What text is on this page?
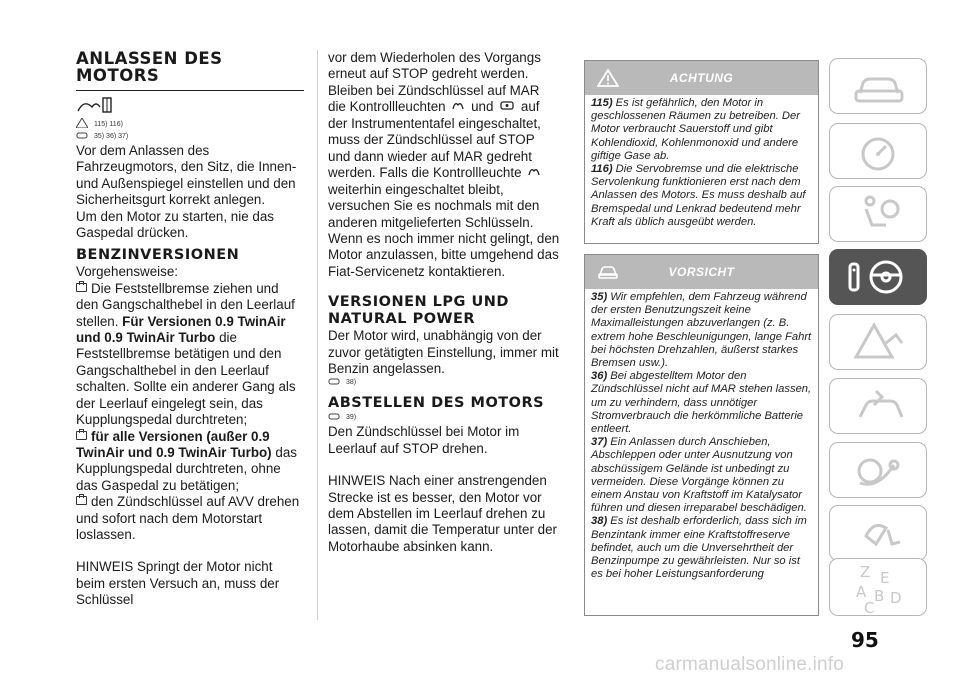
ANLASSEN DES MOTORS
115) 116)
35) 36) 37)

Vor dem Anlassen des Fahrzeugmotors, den Sitz, die Innen- und Außenspiegel einstellen und den Sicherheitsgurt korrekt anlegen.

Um den Motor zu starten, nie das Gaspedal drücken.

BENZINVERSIONEN

Vorgehensweise:

Die Feststellbremse ziehen und den Gangschalthebel in den Leerlauf stellen. Für Versionen 0.9 TwinAir und 0.9 TwinAir Turbo die Feststellbremse betätigen und den Gangschalthebel in den Leerlauf schalten. Sollte ein anderer Gang als der Leerlauf eingelegt sein, das Kupplungspedal durchtreten;

für alle Versionen (außer 0.9 TwinAir und 0.9 TwinAir Turbo) das Kupplungspedal durchtreten, ohne das Gaspedal zu betätigen;

den Zündschlüssel auf AVV drehen und sofort nach dem Motorstart loslassen.

HINWEIS Springt der Motor nicht beim ersten Versuch an, muss der Schlüssel

vor dem Wiederholen des Vorgangs erneut auf STOP gedreht werden. Bleiben bei Zündschlüssel auf MAR die Kontrollleuchten und auf der Instrumententafel eingeschaltet, muss der Zündschlüssel auf STOP und dann wieder auf MAR gedreht werden. Falls die Kontrollleuchte  weiterhin eingeschaltet bleibt, versuchen Sie es nochmals mit den anderen mitgelieferten Schlüsseln. Wenn es noch immer nicht gelingt, den Motor anzulassen, bitte umgehend das Fiat-Servicenetz kontaktieren.

VERSIONEN LPG UND NATURAL POWER

Der Motor wird, unabhängig von der zuvor getätigten Einstellung, immer mit Benzin angelassen.

38)
ABSTELLEN DES MOTORS
39)

Den Zündschlüssel bei Motor im Leerlauf auf STOP drehen.

HINWEIS Nach einer anstrengenden Strecke ist es besser, den Motor vor dem Abstellen im Leerlauf drehen zu lassen, damit die Temperatur unter der Motorhaube absinken kann.

ACHTUNG
115) Es ist gefährlich, den Motor in geschlossenen Räumen zu betreiben. Der Motor verbraucht Sauerstoff und gibt Kohlendioxid, Kohlenmonoxid und andere giftige Gase ab.
116) Die Servobremse und die elektrische Servolenkung funktionieren erst nach dem Anlassen des Motors. Es muss deshalb auf Bremspedal und Lenkrad bedeutend mehr Kraft als üblich ausgeübt werden.
VORSICHT
35) Wir empfehlen, dem Fahrzeug während der ersten Benutzungszeit keine Maximalleistungen abzuverlangen (z. B. extrem hohe Beschleunigungen, lange Fahrt bei höchsten Drehzahlen, äußerst starkes Bremsen usw.).
36) Bei abgestelltem Motor den Zündschlüssel nicht auf MAR stehen lassen, um zu verhindern, dass unnötiger Stromverbrauch die herkömmliche Batterie entleert.
37) Ein Anlassen durch Anschieben, Abschleppen oder unter Ausnutzung von abschüssigem Gelände ist unbedingt zu vermeiden. Diese Vorgänge können zu einem Anstau von Kraftstoff im Katalysator führen und diesen irreparabel beschädigen.
38) Es ist deshalb erforderlich, dass sich im Benzintank immer eine Kraftstoffreserve befindet, auch um die Unversehrtheit der Benzinpumpe zu gewährleisten. Nur so ist es bei hoher Leistungsanforderung	Z E
A B D
C
95
carmanualsonline.info
